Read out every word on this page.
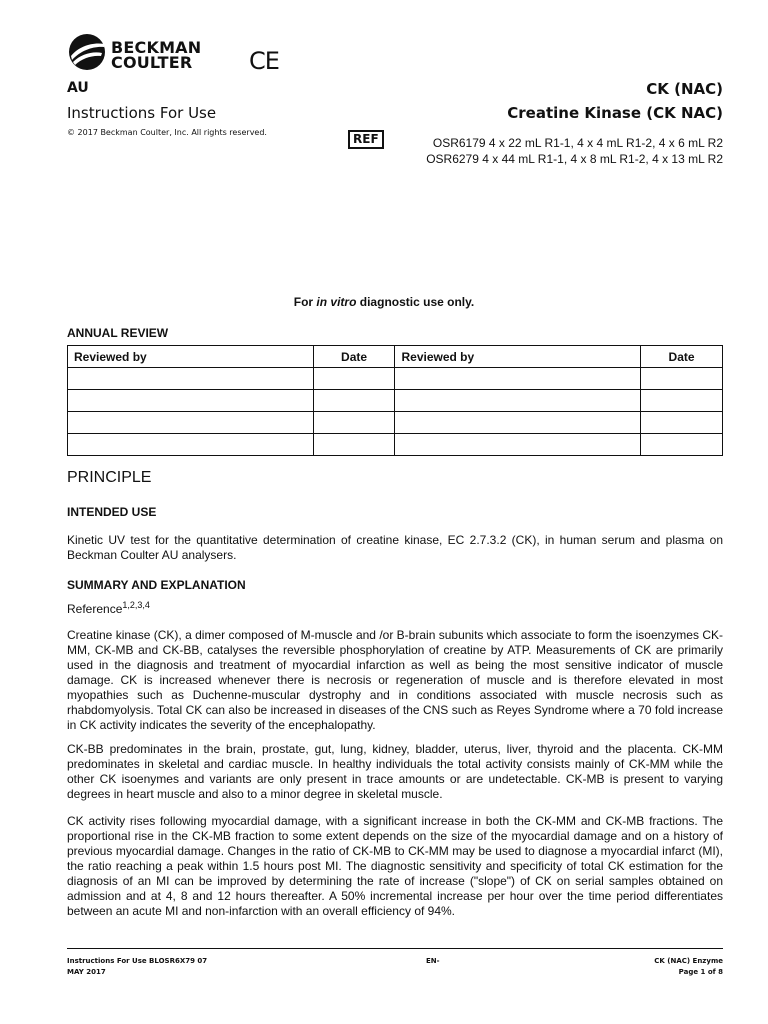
BECKMAN
COULTER	CE
AU
Instructions For Use
© 2017 Beckman Coulter, Inc. All rights reserved.
CK (NAC)
Creatine Kinase (CK NAC)
REF	OSR6179 4 x 22 mL R1-1, 4 x 4 mL R1-2, 4 x 6 mL R2
OSR6279 4 x 44 mL R1-1, 4 x 8 mL R1-2, 4 x 13 mL R2
For in vitro diagnostic use only.
ANNUAL REVIEW
Reviewed by	Date	Reviewed by	Date

PRINCIPLE
INTENDED USE
Kinetic UV test for the quantitative determination of creatine kinase, EC 2.7.3.2 (CK), in human serum and plasma on Beckman Coulter AU analysers.
SUMMARY AND EXPLANATION
Reference$^{1,2,3,4}$
Creatine kinase (CK), a dimer composed of M-muscle and /or B-brain subunits which associate to form the isoenzymes CK-MM, CK-MB and CK-BB, catalyses the reversible phosphorylation of creatine by ATP. Measurements of CK are primarily used in the diagnosis and treatment of myocardial infarction as well as being the most sensitive indicator of muscle damage. CK is increased whenever there is necrosis or regeneration of muscle and is therefore elevated in most myopathies such as Duchenne-muscular dystrophy and in conditions associated with muscle necrosis such as rhabdomyolysis. Total CK can also be increased in diseases of the CNS such as Reyes Syndrome where a 70 fold increase in CK activity indicates the severity of the encephalopathy.
CK-BB predominates in the brain, prostate, gut, lung, kidney, bladder, uterus, liver, thyroid and the placenta. CK-MM predominates in skeletal and cardiac muscle. In healthy individuals the total activity consists mainly of CK-MM while the other CK isoenymes and variants are only present in trace amounts or are undetectable. CK-MB is present to varying degrees in heart muscle and also to a minor degree in skeletal muscle.
CK activity rises following myocardial damage, with a significant increase in both the CK-MM and CK-MB fractions. The proportional rise in the CK-MB fraction to some extent depends on the size of the myocardial damage and on a history of previous myocardial damage. Changes in the ratio of CK-MB to CK-MM may be used to diagnose a myocardial infarct (MI), the ratio reaching a peak within 1.5 hours post MI. The diagnostic sensitivity and specificity of total CK estimation for the diagnosis of an MI can be improved by determining the rate of increase ("slope") of CK on serial samples obtained on admission and at 4, 8 and 12 hours thereafter. A 50% incremental increase per hour over the time period differentiates between an acute MI and non-infarction with an overall efficiency of 94%.
Instructions For Use BLOSR6X79 07
MAY 2017
EN-	CK (NAC) Enzyme
Page 1 of 8
